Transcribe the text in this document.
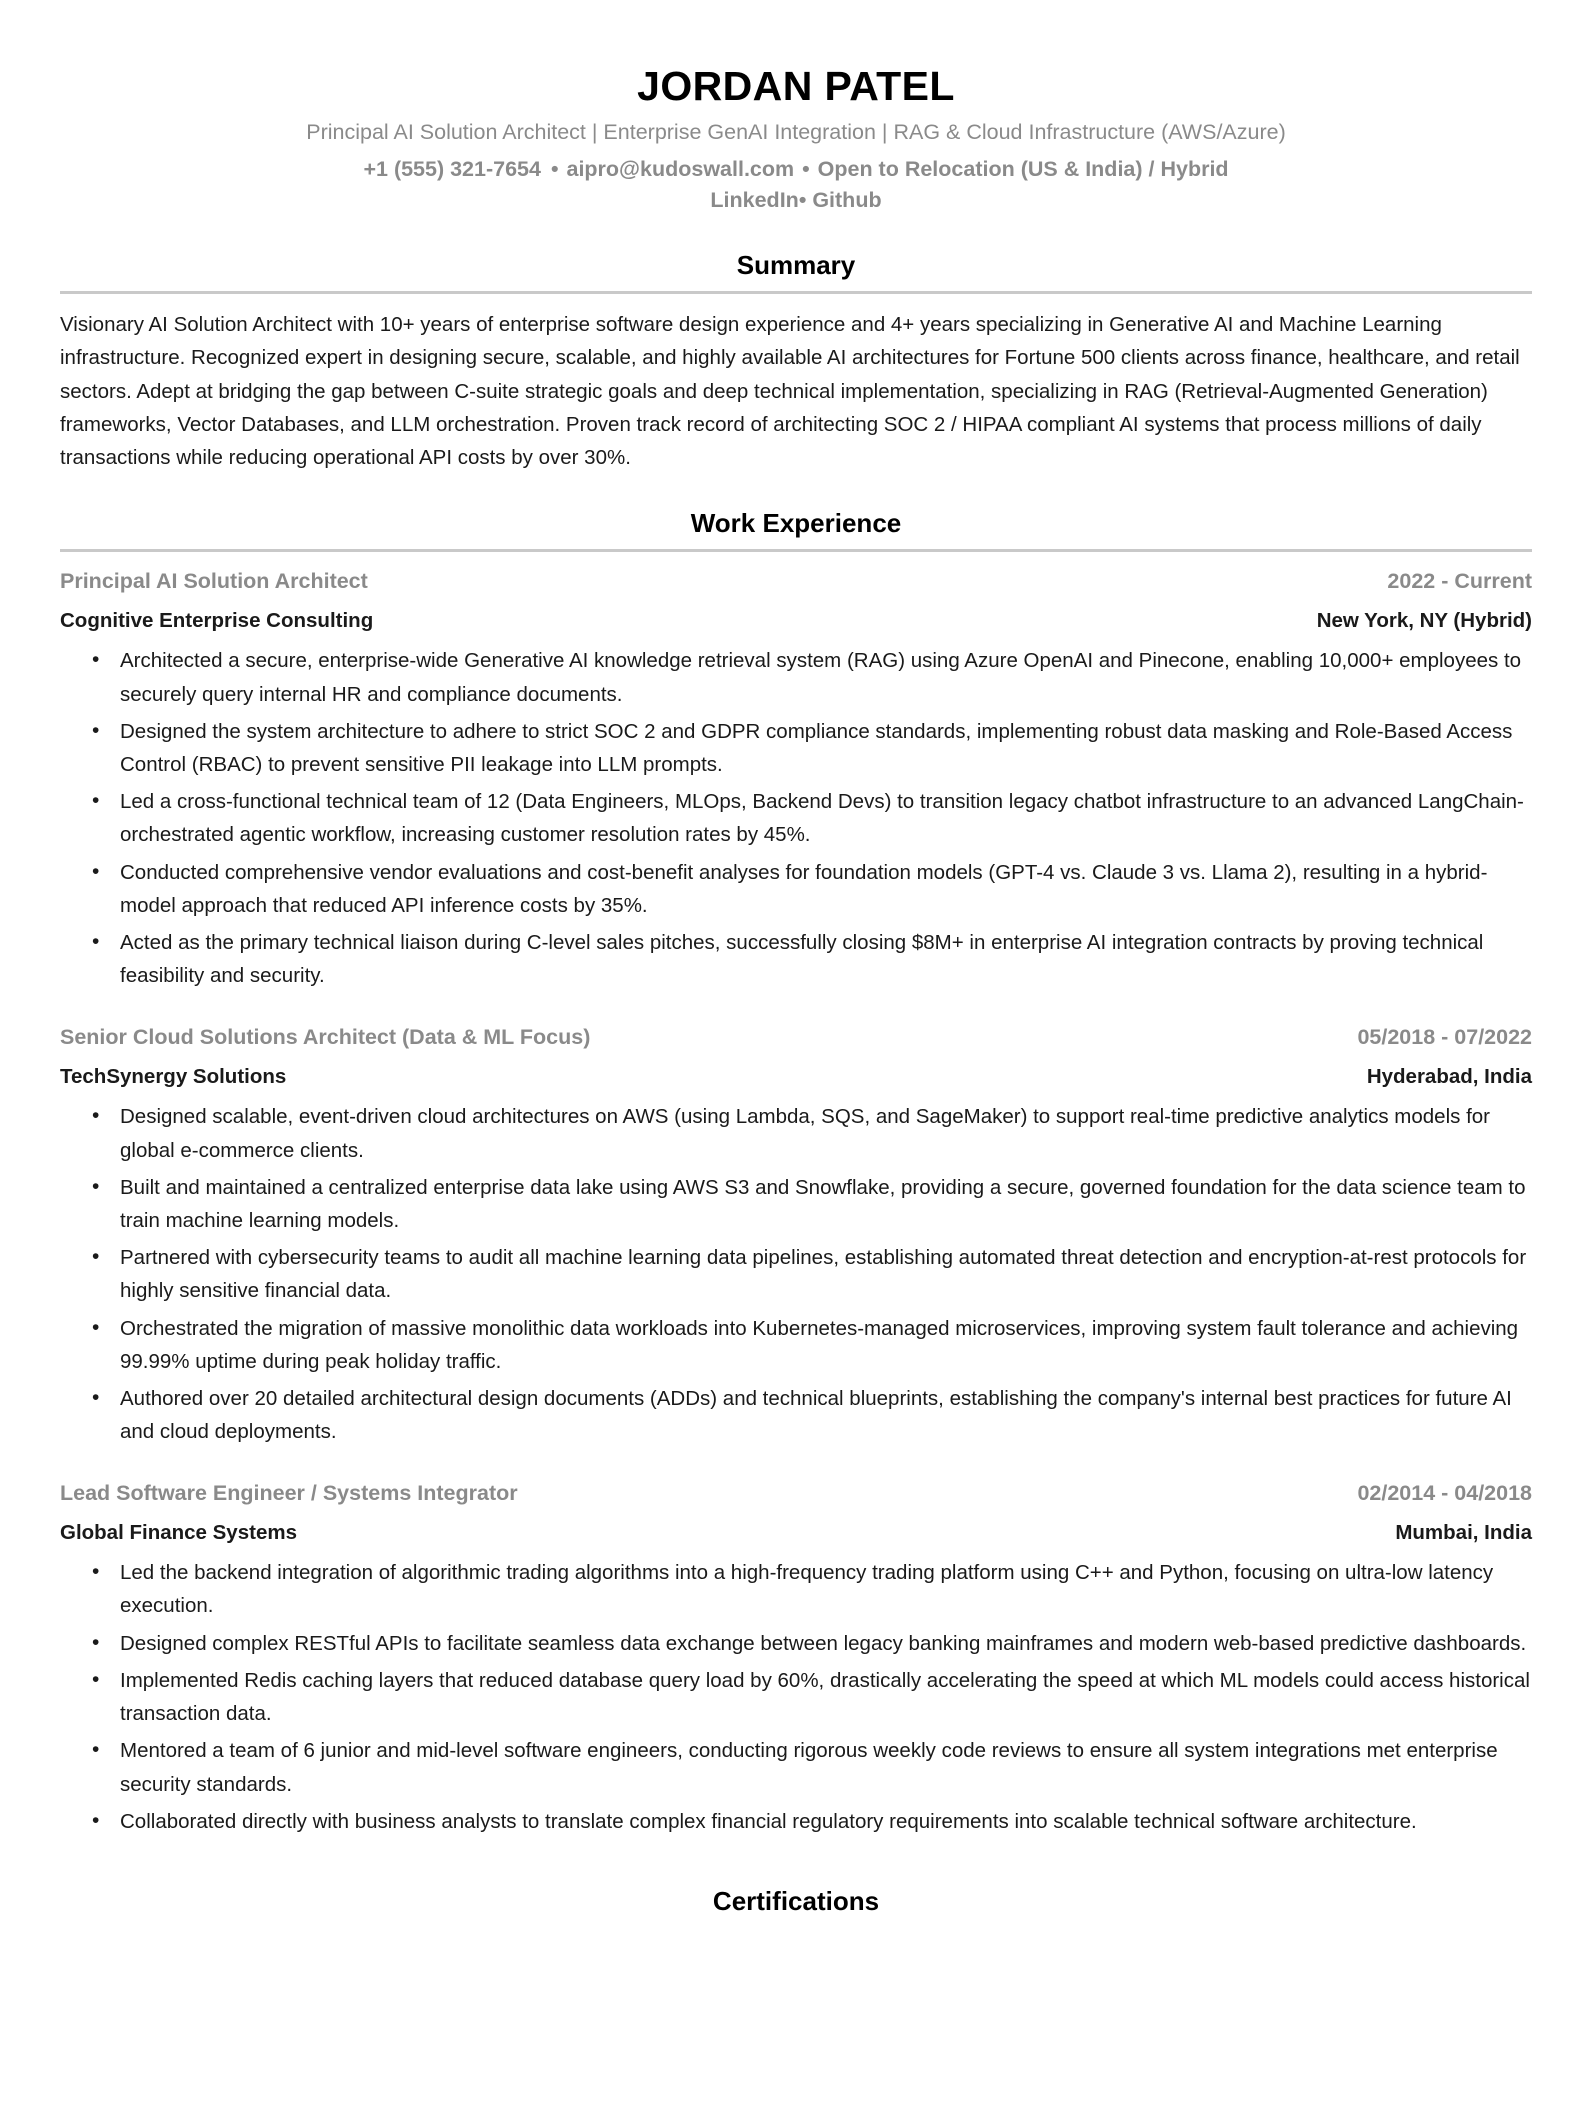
JORDAN PATEL
Principal AI Solution Architect | Enterprise GenAI Integration | RAG & Cloud Infrastructure (AWS/Azure)
+1 (555) 321-7654 • aipro@kudoswall.com • Open to Relocation (US & India) / Hybrid
LinkedIn• Github
Summary

Visionary AI Solution Architect with 10+ years of enterprise software design experience and 4+ years specializing in Generative AI and Machine Learning infrastructure. Recognized expert in designing secure, scalable, and highly available AI architectures for Fortune 500 clients across finance, healthcare, and retail sectors. Adept at bridging the gap between C-suite strategic goals and deep technical implementation, specializing in RAG (Retrieval-Augmented Generation) frameworks, Vector Databases, and LLM orchestration. Proven track record of architecting SOC 2 / HIPAA compliant AI systems that process millions of daily transactions while reducing operational API costs by over 30%.

Work Experience
Principal AI Solution Architect	2022 - Current
Cognitive Enterprise Consulting	New York, NY (Hybrid)
• Architected a secure, enterprise-wide Generative AI knowledge retrieval system (RAG) using Azure OpenAI and Pinecone, enabling 10,000+ employees to securely query internal HR and compliance documents.
• Designed the system architecture to adhere to strict SOC 2 and GDPR compliance standards, implementing robust data masking and Role-Based Access Control (RBAC) to prevent sensitive PII leakage into LLM prompts.
• Led a cross-functional technical team of 12 (Data Engineers, MLOps, Backend Devs) to transition legacy chatbot infrastructure to an advanced LangChain-orchestrated agentic workflow, increasing customer resolution rates by 45%.
• Conducted comprehensive vendor evaluations and cost-benefit analyses for foundation models (GPT-4 vs. Claude 3 vs. Llama 2), resulting in a hybrid-model approach that reduced API inference costs by 35%.
• Acted as the primary technical liaison during C-level sales pitches, successfully closing $8M+ in enterprise AI integration contracts by proving technical feasibility and security.
Senior Cloud Solutions Architect (Data & ML Focus)	05/2018 - 07/2022
TechSynergy Solutions	Hyderabad, India
• Designed scalable, event-driven cloud architectures on AWS (using Lambda, SQS, and SageMaker) to support real-time predictive analytics models for global e-commerce clients.
• Built and maintained a centralized enterprise data lake using AWS S3 and Snowflake, providing a secure, governed foundation for the data science team to train machine learning models.
• Partnered with cybersecurity teams to audit all machine learning data pipelines, establishing automated threat detection and encryption-at-rest protocols for highly sensitive financial data.
• Orchestrated the migration of massive monolithic data workloads into Kubernetes-managed microservices, improving system fault tolerance and achieving 99.99% uptime during peak holiday traffic.
• Authored over 20 detailed architectural design documents (ADDs) and technical blueprints, establishing the company's internal best practices for future AI and cloud deployments.
Lead Software Engineer / Systems Integrator	02/2014 - 04/2018
Global Finance Systems	Mumbai, India
• Led the backend integration of algorithmic trading algorithms into a high-frequency trading platform using C++ and Python, focusing on ultra-low latency execution.
• Designed complex RESTful APIs to facilitate seamless data exchange between legacy banking mainframes and modern web-based predictive dashboards.
• Implemented Redis caching layers that reduced database query load by 60%, drastically accelerating the speed at which ML models could access historical transaction data.
• Mentored a team of 6 junior and mid-level software engineers, conducting rigorous weekly code reviews to ensure all system integrations met enterprise security standards.
• Collaborated directly with business analysts to translate complex financial regulatory requirements into scalable technical software architecture.
Certifications
